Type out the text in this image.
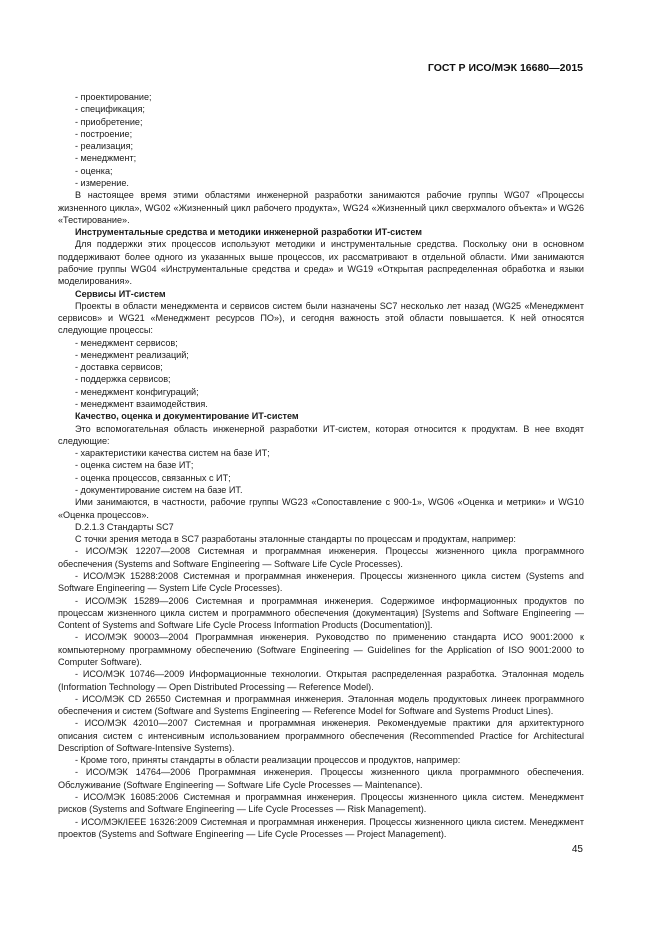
ГОСТ Р ИСО/МЭК 16680—2015

- проектирование;

- спецификация;

- приобретение;

- построение;

- реализация;

- менеджмент;

- оценка;

- измерение.

В настоящее время этими областями инженерной разработки занимаются рабочие группы WG07 «Процессы жизненного цикла», WG02 «Жизненный цикл рабочего продукта», WG24 «Жизненный цикл сверхмалого объекта» и WG26 «Тестирование».

Инструментальные средства и методики инженерной разработки ИТ-систем

Для поддержки этих процессов используют методики и инструментальные средства. Поскольку они в основном поддерживают более одного из указанных выше процессов, их рассматривают в отдельной области. Ими занимаются рабочие группы WG04 «Инструментальные средства и среда» и WG19 «Открытая распределенная обработка и языки моделирования».

Сервисы ИТ-систем

Проекты в области менеджмента и сервисов систем были назначены SC7 несколько лет назад (WG25 «Менеджмент сервисов» и WG21 «Менеджмент ресурсов ПО»), и сегодня важность этой области повышается. К ней относятся следующие процессы:

- менеджмент сервисов;

- менеджмент реализаций;

- доставка сервисов;

- поддержка сервисов;

- менеджмент конфигураций;

- менеджмент взаимодействия.

Качество, оценка и документирование ИТ-систем

Это вспомогательная область инженерной разработки ИТ-систем, которая относится к продуктам. В нее входят следующие:

- характеристики качества систем на базе ИТ;

- оценка систем на базе ИТ;

- оценка процессов, связанных с ИТ;

- документирование систем на базе ИТ.

Ими занимаются, в частности, рабочие группы WG23 «Сопоставление с 900-1», WG06 «Оценка и метрики» и WG10 «Оценка процессов».

D.2.1.3 Стандарты SC7

С точки зрения метода в SC7 разработаны эталонные стандарты по процессам и продуктам, например:

- ИСО/МЭК 12207—2008 Системная и программная инженерия. Процессы жизненного цикла программного обеспечения (Systems and Software Engineering — Software Life Cycle Processes).

- ИСО/МЭК 15288:2008 Системная и программная инженерия. Процессы жизненного цикла систем (Systems and Software Engineering — System Life Cycle Processes).

- ИСО/МЭК 15289—2006 Системная и программная инженерия. Содержимое информационных продуктов по процессам жизненного цикла систем и программного обеспечения (документация) [Systems and Software Engineering — Content of Systems and Software Life Cycle Process Information Products (Documentation)].

- ИСО/МЭК 90003—2004 Программная инженерия. Руководство по применению стандарта ИСО 9001:2000 к компьютерному программному обеспечению (Software Engineering — Guidelines for the Application of ISO 9001:2000 to Computer Software).

- ИСО/МЭК 10746—2009 Информационные технологии. Открытая распределенная разработка. Эталонная модель (Information Technology — Open Distributed Processing — Reference Model).

- ИСО/МЭК CD 26550 Системная и программная инженерия. Эталонная модель продуктовых линеек программного обеспечения и систем (Software and Systems Engineering — Reference Model for Software and Systems Product Lines).

- ИСО/МЭК 42010—2007 Системная и программная инженерия. Рекомендуемые практики для архитектурного описания систем с интенсивным использованием программного обеспечения (Recommended Practice for Architectural Description of Software-Intensive Systems).

- Кроме того, приняты стандарты в области реализации процессов и продуктов, например:

- ИСО/МЭК 14764—2006 Программная инженерия. Процессы жизненного цикла программного обеспечения. Обслуживание (Software Engineering — Software Life Cycle Processes — Maintenance).

- ИСО/МЭК 16085:2006 Системная и программная инженерия. Процессы жизненного цикла систем. Менеджмент рисков (Systems and Software Engineering — Life Cycle Processes — Risk Management).

- ИСО/МЭК/IEEE 16326:2009 Системная и программная инженерия. Процессы жизненного цикла систем. Менеджмент проектов (Systems and Software Engineering — Life Cycle Processes — Project Management).

45
